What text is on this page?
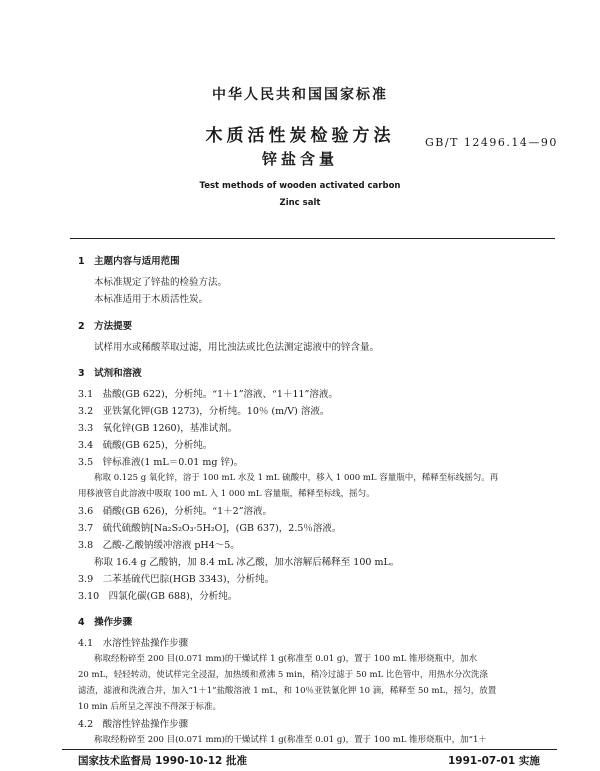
中华人民共和国国家标准
木质活性炭检验方法	GB/T 12496.14—90
锌盐含量
Test methods of wooden activated carbon
Zinc salt
1　主题内容与适用范围
本标准规定了锌盐的检验方法。
本标准适用于木质活性炭。
2　方法提要
试样用水或稀酸萃取过滤，用比浊法或比色法测定滤液中的锌含量。
3　试剂和溶液
3.1　盐酸(GB 622)，分析纯。“1＋1”溶液、“1＋11”溶液。
3.2　亚铁氰化钾(GB 1273)，分析纯。10％ (m/V) 溶液。
3.3　氧化锌(GB 1260)，基准试剂。
3.4　硫酸(GB 625)，分析纯。
3.5　锌标准液(1 mL＝0.01 mg 锌)。
称取 0.125 g 氧化锌，溶于 100 mL 水及 1 mL 硫酸中，移入 1 000 mL 容量瓶中，稀释至标线摇匀。再
用移液管自此溶液中吸取 100 mL 入 1 000 mL 容量瓶，稀释至标线，摇匀。
3.6　硝酸(GB 626)，分析纯。“1＋2”溶液。
3.7　硫代硫酸钠[Na₂S₂O₃·5H₂O]，(GB 637)，2.5％溶液。
3.8　乙酸-乙酸钠缓冲溶液 pH4～5。
称取 16.4 g 乙酸钠，加 8.4 mL 冰乙酸，加水溶解后稀释至 100 mL。
3.9　二苯基硫代巴腙(HGB 3343)，分析纯。
3.10　四氯化碳(GB 688)，分析纯。
4　操作步骤
4.1　水溶性锌盐操作步骤
称取经粉碎至 200 目(0.071 mm)的干燥试样 1 g(称准至 0.01 g)，置于 100 mL 锥形烧瓶中，加水
20 mL，轻轻转动，使试样完全浸湿，加热缓和煮沸 5 min，稍冷过滤于 50 mL 比色管中，用热水分次洗涤
滤渣，滤液和洗液合并，加入“1＋1”盐酸溶液 1 mL，和 10％亚铁氰化钾 10 滴，稀释至 50 mL，摇匀，放置
10 min 后所呈之浑浊不得深于标准。
4.2　酸溶性锌盐操作步骤
称取经粉碎至 200 目(0.071 mm)的干燥试样 1 g(称准至 0.01 g)，置于 100 mL 锥形烧瓶中，加“1＋
国家技术监督局 1990-10-12 批准	1991-07-01 实施
